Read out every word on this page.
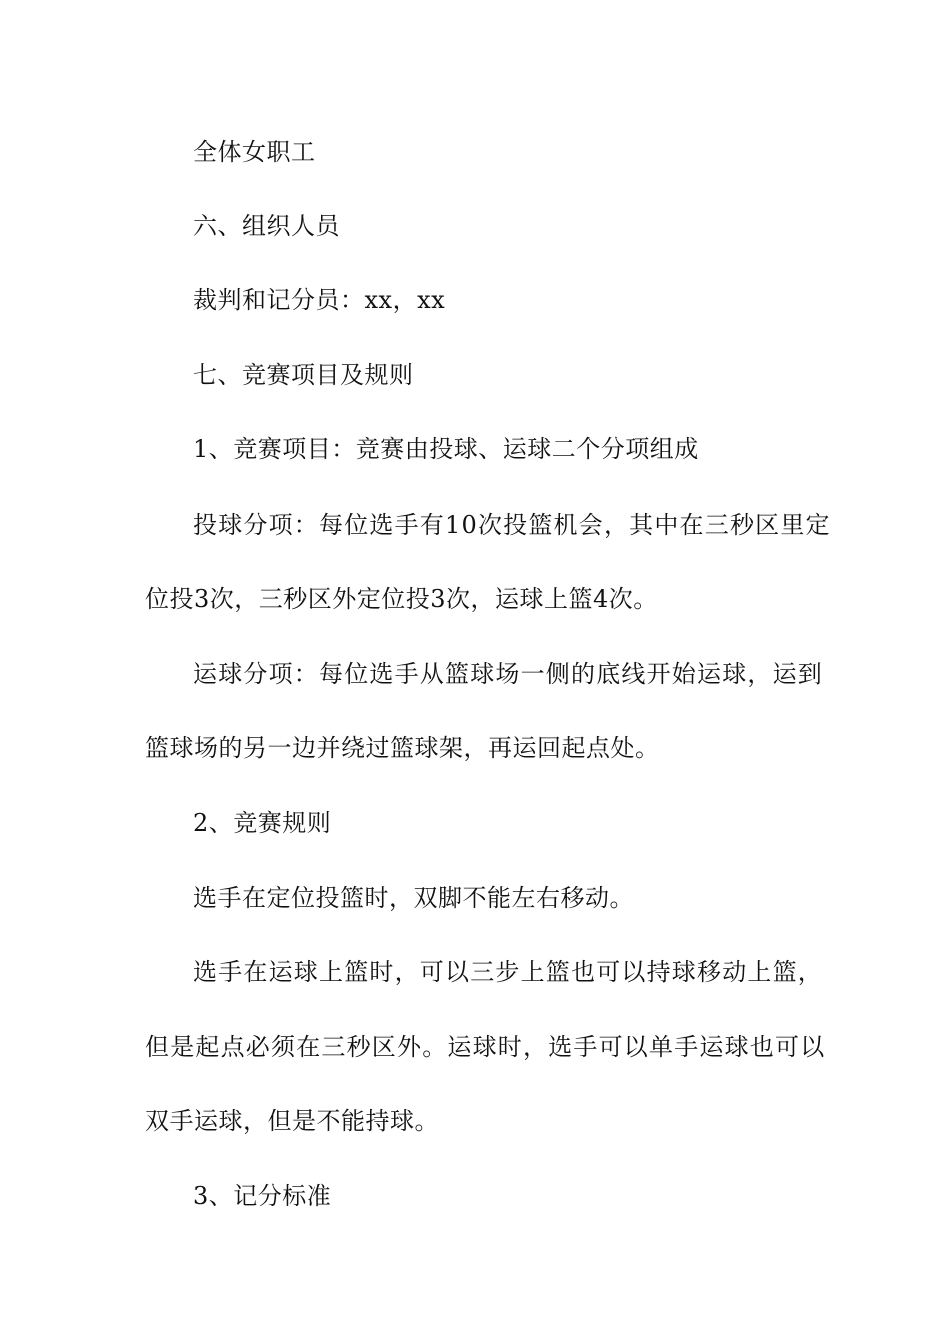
全体女职工
六、组织人员
裁判和记分员：xx，xx
七、竞赛项目及规则
1、竞赛项目：竞赛由投球、运球二个分项组成
投球分项：每位选手有10次投篮机会，其中在三秒区里定
位投3次，三秒区外定位投3次，运球上篮4次。
运球分项：每位选手从篮球场一侧的底线开始运球，运到
篮球场的另一边并绕过篮球架，再运回起点处。
2、竞赛规则
选手在定位投篮时，双脚不能左右移动。
选手在运球上篮时，可以三步上篮也可以持球移动上篮，
但是起点必须在三秒区外。运球时，选手可以单手运球也可以
双手运球，但是不能持球。
3、记分标准
